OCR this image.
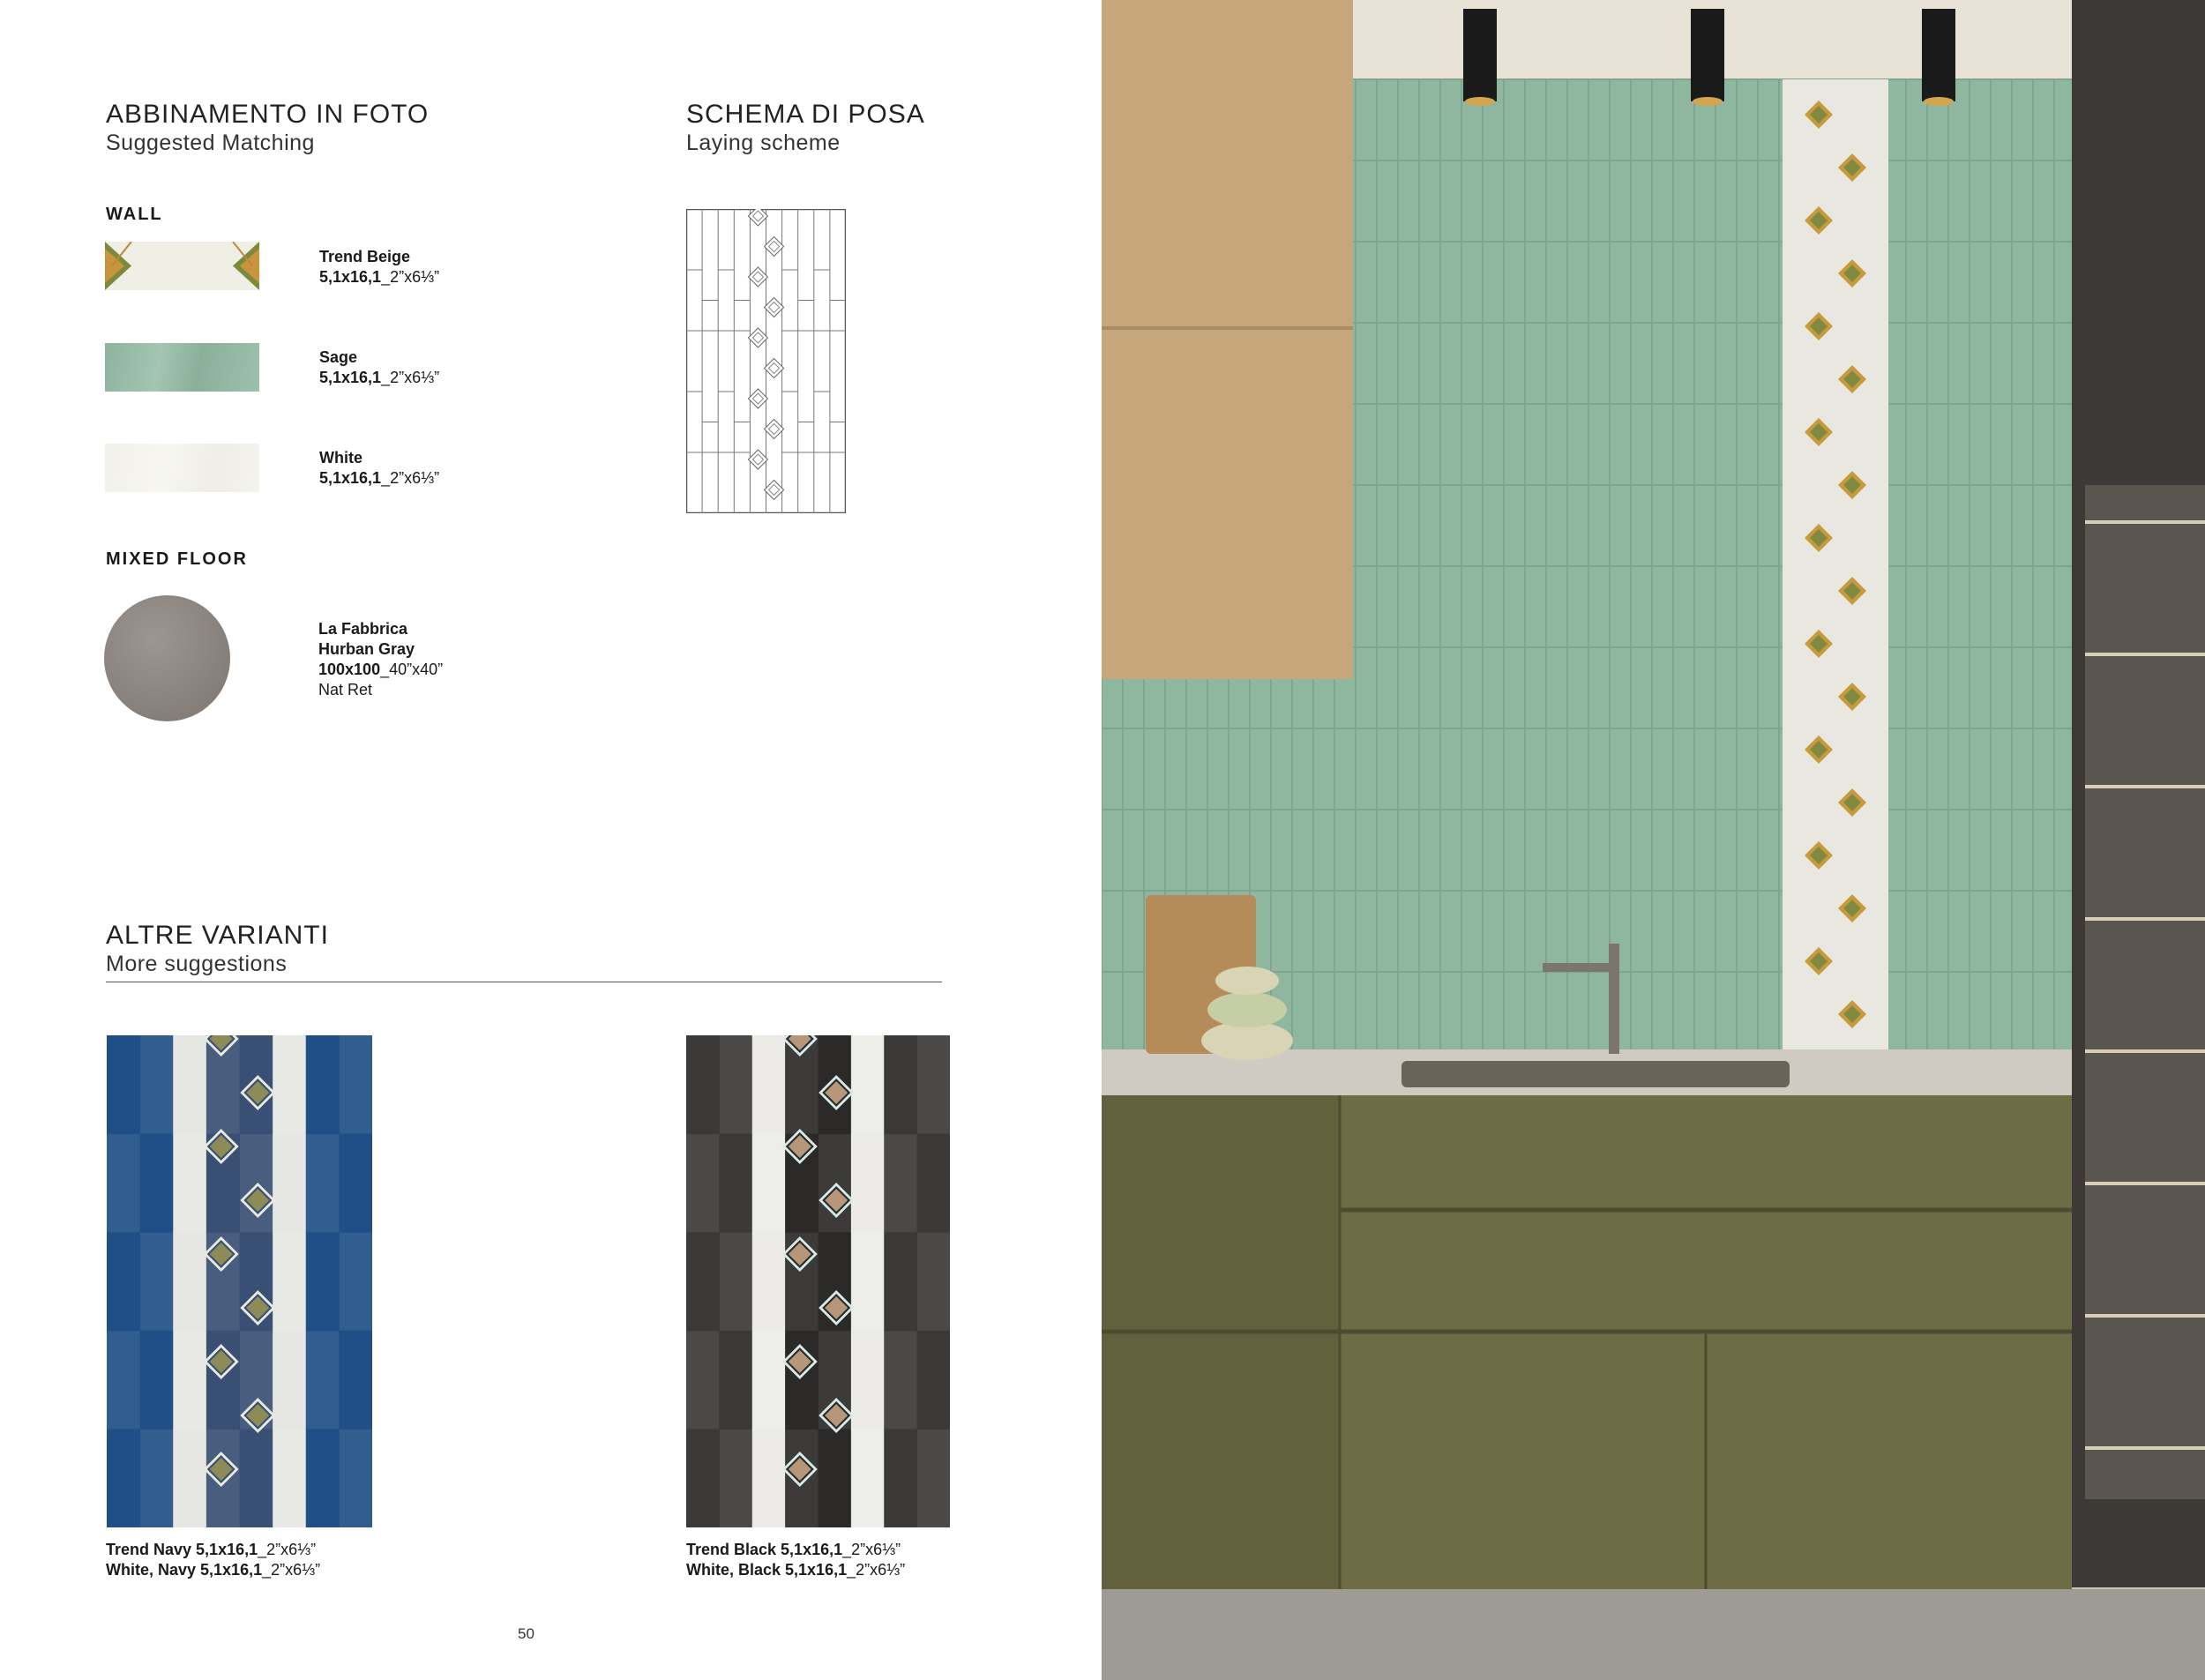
ABBINAMENTO IN FOTO
Suggested Matching
SCHEMA DI POSA
Laying scheme
WALL
Trend Beige
5,1x16,1_2”x6⅓”
Sage
5,1x16,1_2”x6⅓”
White
5,1x16,1_2”x6⅓”
MIXED FLOOR
La Fabbrica
Hurban Gray
100x100_40”x40”
Nat Ret
ALTRE VARIANTI
More suggestions
Trend Navy 5,1x16,1_2”x6⅓”
White, Navy 5,1x16,1_2”x6⅓”
Trend Black 5,1x16,1_2”x6⅓”
White, Black 5,1x16,1_2”x6⅓”
50
